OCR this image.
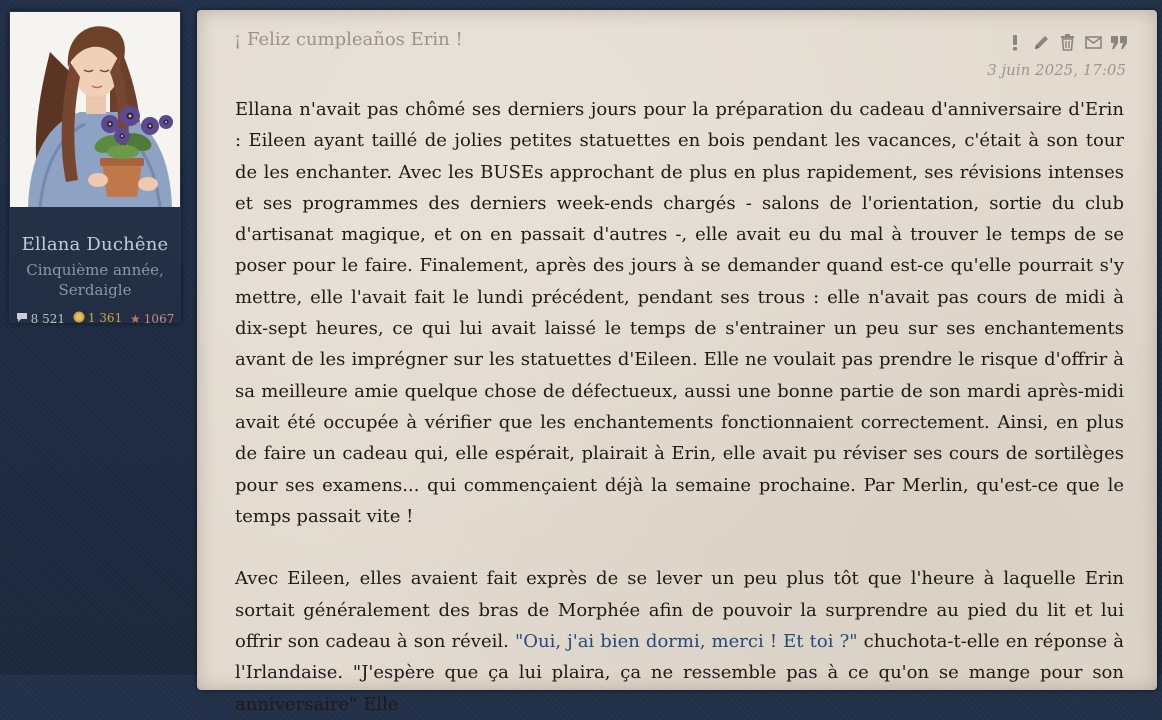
Ellana Duchêne
Cinquième année, Serdaigle
8 521
1 361
★ 1067
¡ Feliz cumpleaños Erin !
3 juin 2025, 17:05

Ellana n'avait pas chômé ses derniers jours pour la préparation du cadeau d'anniversaire d'Erin : Eileen ayant taillé de jolies petites statuettes en bois pendant les vacances, c'était à son tour de les enchanter. Avec les BUSEs approchant de plus en plus rapidement, ses révisions intenses et ses programmes des derniers week-ends chargés - salons de l'orientation, sortie du club d'artisanat magique, et on en passait d'autres -, elle avait eu du mal à trouver le temps de se poser pour le faire. Finalement, après des jours à se demander quand est-ce qu'elle pourrait s'y mettre, elle l'avait fait le lundi précédent, pendant ses trous : elle n'avait pas cours de midi à dix-sept heures, ce qui lui avait laissé le temps de s'entrainer un peu sur ses enchantements avant de les imprégner sur les statuettes d'Eileen. Elle ne voulait pas prendre le risque d'offrir à sa meilleure amie quelque chose de défectueux, aussi une bonne partie de son mardi après-midi avait été occupée à vérifier que les enchantements fonctionnaient correctement. Ainsi, en plus de faire un cadeau qui, elle espérait, plairait à Erin, elle avait pu réviser ses cours de sortilèges pour ses examens... qui commençaient déjà la semaine prochaine. Par Merlin, qu'est-ce que le temps passait vite !

Avec Eileen, elles avaient fait exprès de se lever un peu plus tôt que l'heure à laquelle Erin sortait généralement des bras de Morphée afin de pouvoir la surprendre au pied du lit et lui offrir son cadeau à son réveil. "Oui, j'ai bien dormi, merci ! Et toi ?" chuchota-t-elle en réponse à l'Irlandaise. "J'espère que ça lui plaira, ça ne ressemble pas à ce qu'on se mange pour son anniversaire" Elle
